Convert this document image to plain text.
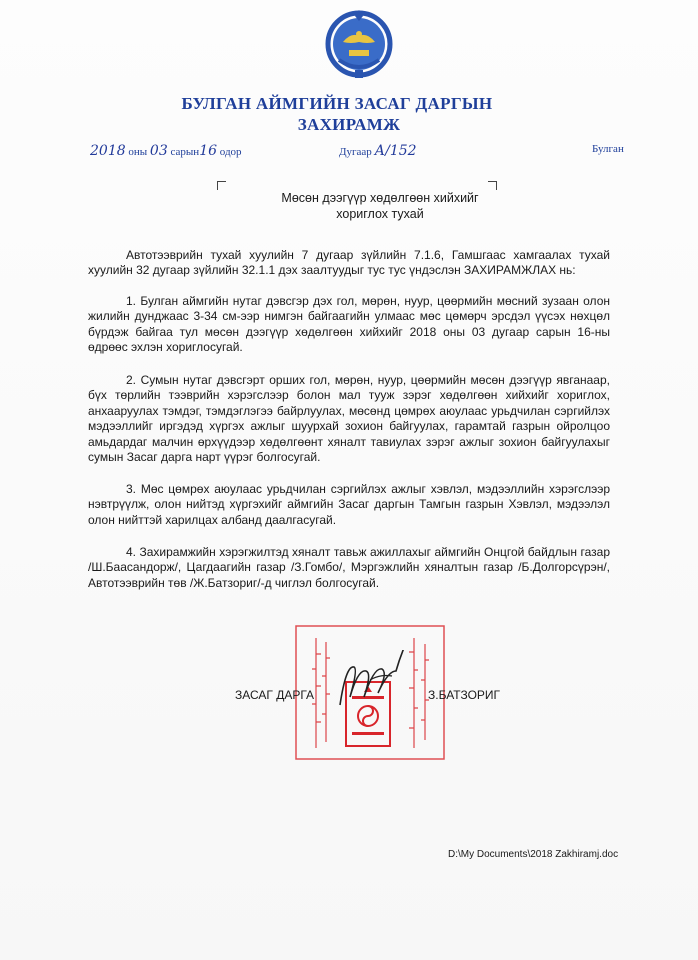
БУЛГАН АЙМГИЙН ЗАСАГ ДАРГЫН
ЗАХИРАМЖ
2018 оны 03 сарын16 одор	Дугаар А/152	Булган
Мөсөн дээгүүр хөдөлгөөн хийхийг
хориглох тухай

Автотээврийн тухай хуулийн 7 дугаар зүйлийн 7.1.6, Гамшгаас хамгаалах тухай хуулийн 32 дугаар зүйлийн 32.1.1 дэх заалтуудыг тус тус үндэслэн ЗАХИРАМЖЛАХ нь:

1. Булган аймгийн нутаг дэвсгэр дэх гол, мөрөн, нуур, цөөрмийн мөсний зузаан олон жилийн дунджаас 3-34 см-ээр нимгэн байгаагийн улмаас мөс цөмөрч эрсдэл үүсэх нөхцөл бүрдэж байгаа тул мөсөн дээгүүр хөдөлгөөн хийхийг 2018 оны 03 дугаар сарын 16-ны өдрөөс эхлэн хориглосугай.

2. Сумын нутаг дэвсгэрт орших гол, мөрөн, нуур, цөөрмийн мөсөн дээгүүр явганаар, бүх төрлийн тээврийн хэрэгслээр болон мал тууж зэрэг хөдөлгөөн хийхийг хориглох, анхааруулах тэмдэг, тэмдэглэгээ байрлуулах, мөсөнд цөмрөх аюулаас урьдчилан сэргийлэх мэдээллийг иргэдэд хүргэх ажлыг шуурхай зохион байгуулах, гарамтай газрын ойролцоо амьдардаг малчин өрхүүдээр хөдөлгөөнт хяналт тавиулах зэрэг ажлыг зохион байгуулахыг сумын Засаг дарга нарт үүрэг болгосугай.

3. Мөс цөмрөх аюулаас урьдчилан сэргийлэх ажлыг хэвлэл, мэдээллийн хэрэгслээр нэвтрүүлж, олон нийтэд хүргэхийг аймгийн Засаг даргын Тамгын газрын Хэвлэл, мэдээлэл олон нийттэй харилцах албанд даалгасугай.

4. Захирамжийн хэрэгжилтэд хяналт тавьж ажиллахыг аймгийн Онцгой байдлын газар /Ш.Баасандорж/, Цагдаагийн газар /З.Гомбо/, Мэргэжлийн хяналтын газар /Б.Долгорсүрэн/, Автотээврийн төв /Ж.Батзориг/-д чиглэл болгосугай.

ЗАСАГ ДАРГА	З.БАТЗОРИГ
D:\My Documents\2018 Zakhiramj.doc
